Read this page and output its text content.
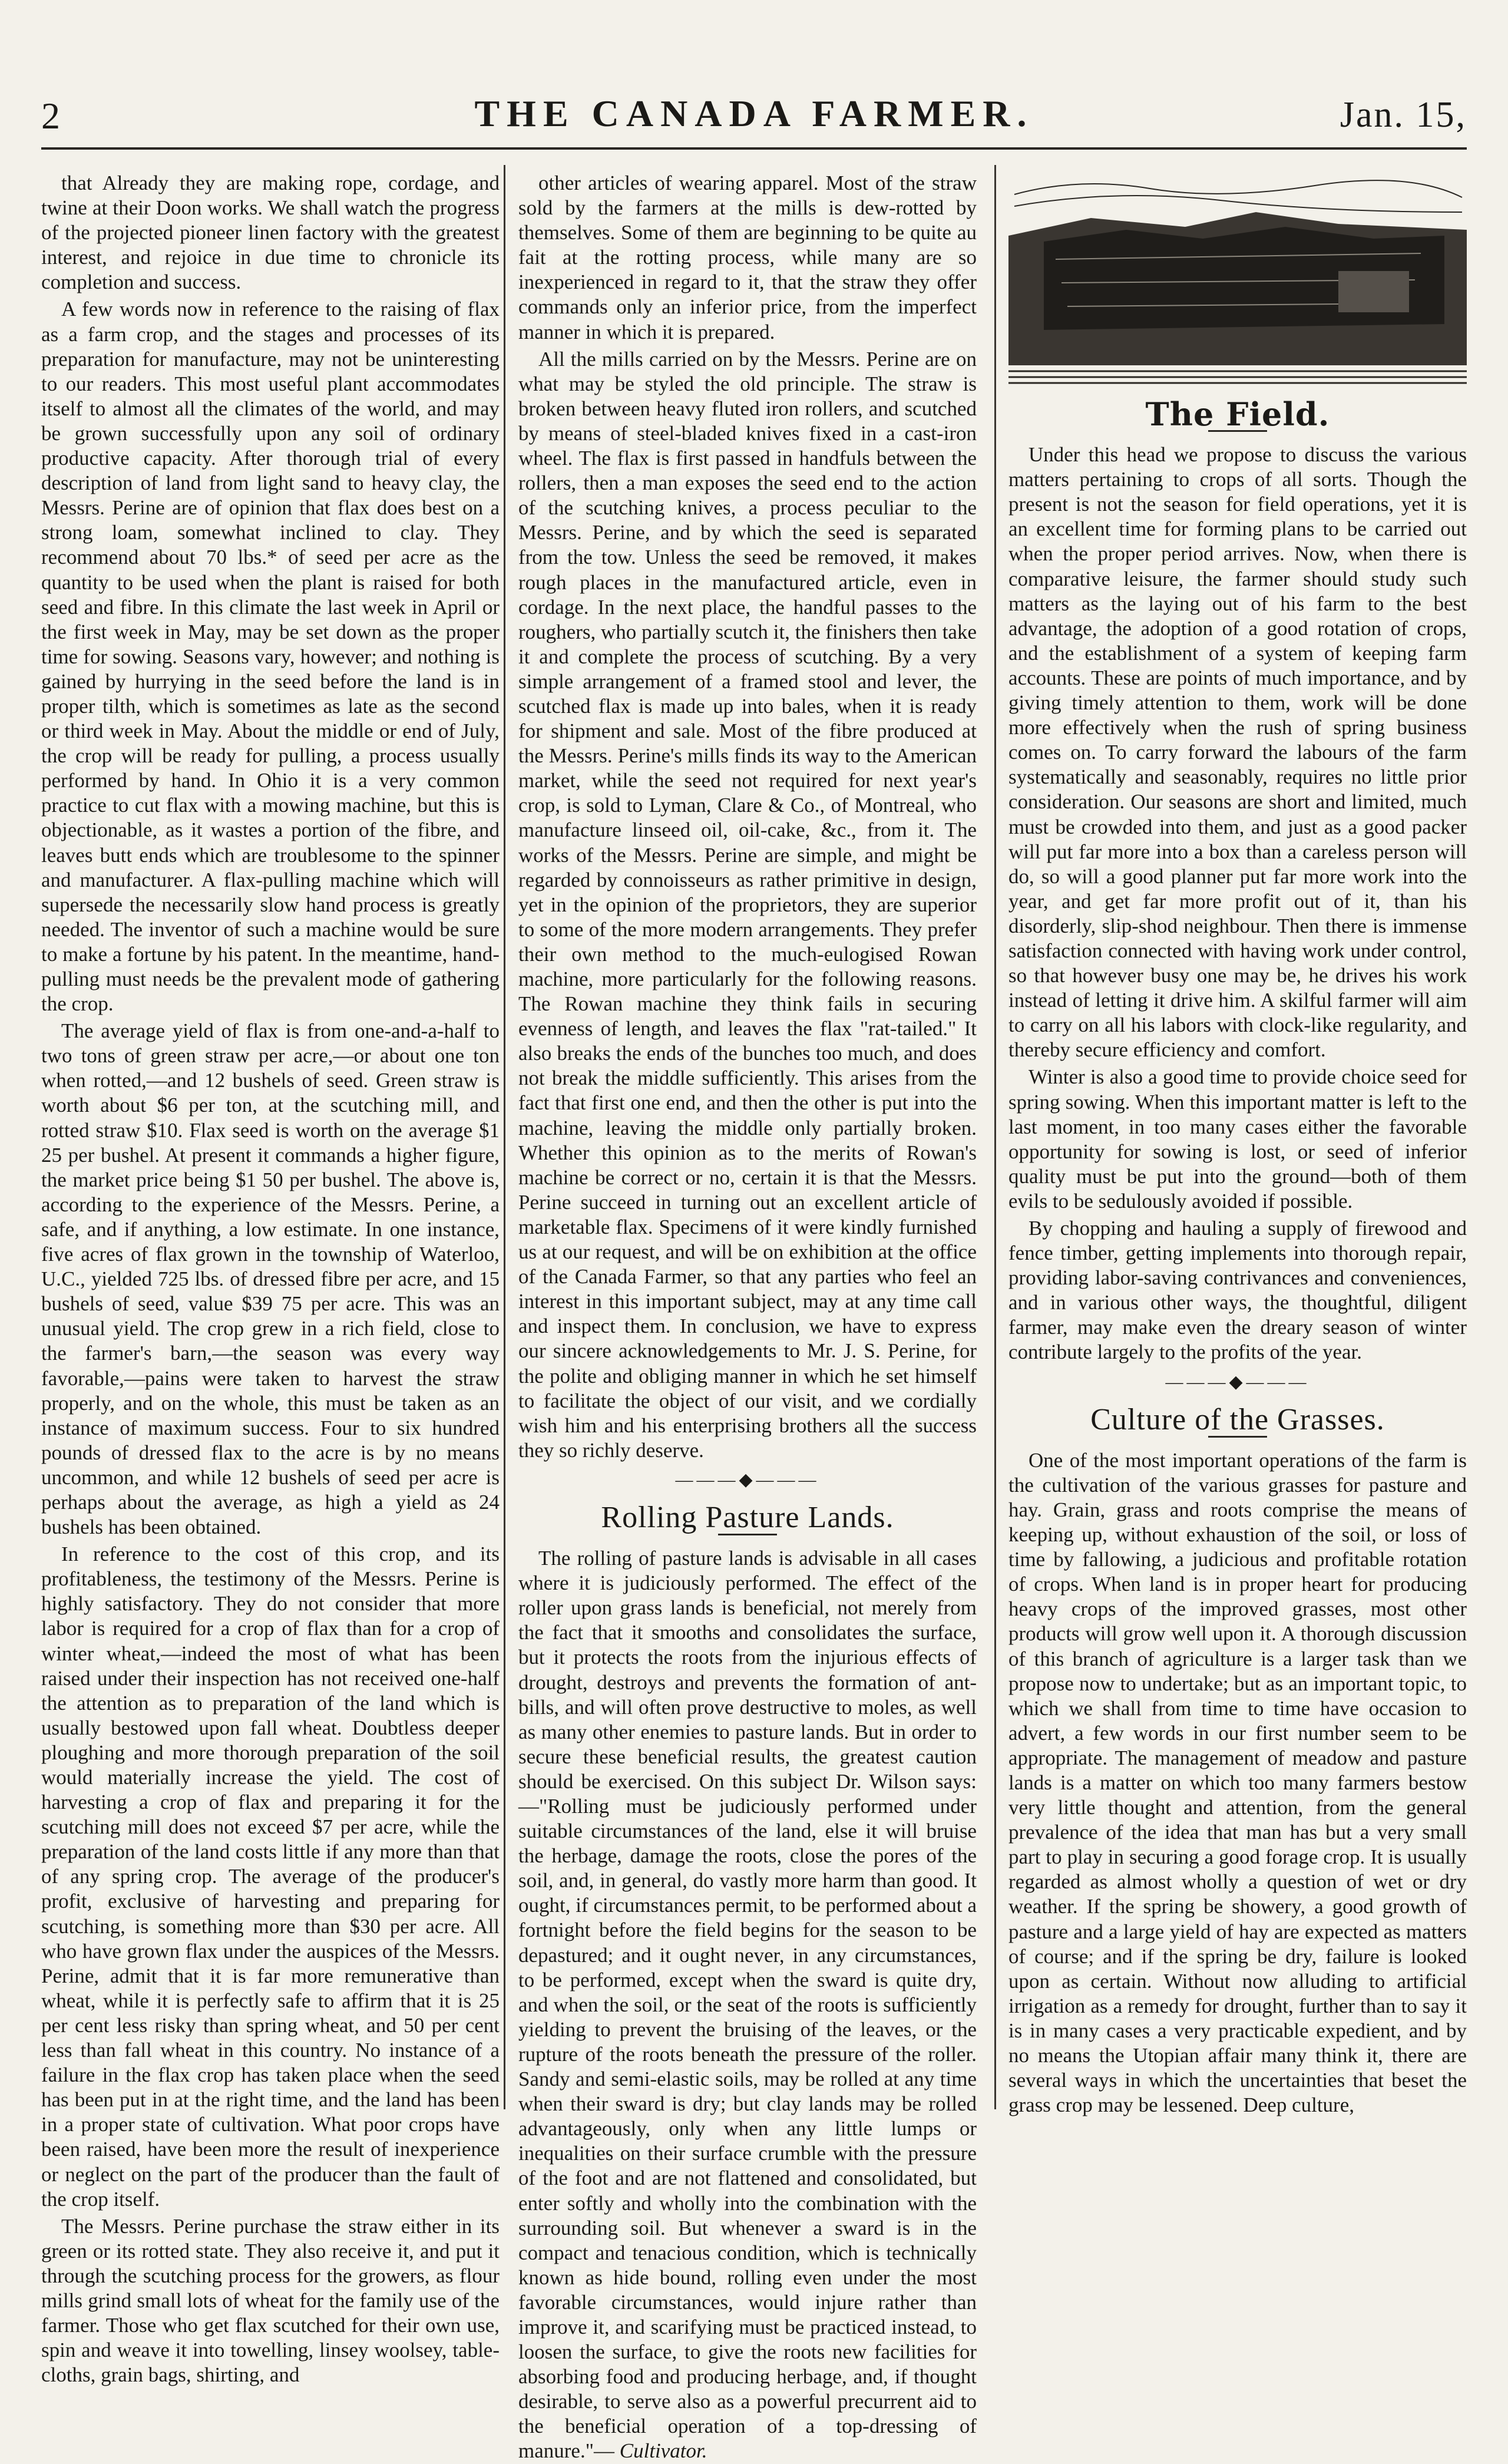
2	THE CANADA FARMER.	Jan. 15,

that Already they are making rope, cordage, and twine at their Doon works. We shall watch the progress of the projected pioneer linen factory with the greatest interest, and rejoice in due time to chronicle its completion and success.

A few words now in reference to the raising of flax as a farm crop, and the stages and processes of its preparation for manufacture, may not be uninteresting to our readers. This most useful plant accommodates itself to almost all the climates of the world, and may be grown successfully upon any soil of ordinary productive capacity. After thorough trial of every description of land from light sand to heavy clay, the Messrs. Perine are of opinion that flax does best on a strong loam, somewhat inclined to clay. They recommend about 70 lbs.* of seed per acre as the quantity to be used when the plant is raised for both seed and fibre. In this climate the last week in April or the first week in May, may be set down as the proper time for sowing. Seasons vary, however; and nothing is gained by hurrying in the seed before the land is in proper tilth, which is sometimes as late as the second or third week in May. About the middle or end of July, the crop will be ready for pulling, a process usually performed by hand. In Ohio it is a very common practice to cut flax with a mowing machine, but this is objectionable, as it wastes a portion of the fibre, and leaves butt ends which are troublesome to the spinner and manufacturer. A flax-pulling machine which will supersede the necessarily slow hand process is greatly needed. The inventor of such a machine would be sure to make a fortune by his patent. In the meantime, hand-pulling must needs be the prevalent mode of gathering the crop.

The average yield of flax is from one-and-a-half to two tons of green straw per acre,—or about one ton when rotted,—and 12 bushels of seed. Green straw is worth about $6 per ton, at the scutching mill, and rotted straw $10. Flax seed is worth on the average $1 25 per bushel. At present it commands a higher figure, the market price being $1 50 per bushel. The above is, according to the experience of the Messrs. Perine, a safe, and if anything, a low estimate. In one instance, five acres of flax grown in the township of Waterloo, U.C., yielded 725 lbs. of dressed fibre per acre, and 15 bushels of seed, value $39 75 per acre. This was an unusual yield. The crop grew in a rich field, close to the farmer's barn,—the season was every way favorable,—pains were taken to harvest the straw properly, and on the whole, this must be taken as an instance of maximum success. Four to six hundred pounds of dressed flax to the acre is by no means uncommon, and while 12 bushels of seed per acre is perhaps about the average, as high a yield as 24 bushels has been obtained.

In reference to the cost of this crop, and its profitableness, the testimony of the Messrs. Perine is highly satisfactory. They do not consider that more labor is required for a crop of flax than for a crop of winter wheat,—indeed the most of what has been raised under their inspection has not received one-half the attention as to preparation of the land which is usually bestowed upon fall wheat. Doubtless deeper ploughing and more thorough preparation of the soil would materially increase the yield. The cost of harvesting a crop of flax and preparing it for the scutching mill does not exceed $7 per acre, while the preparation of the land costs little if any more than that of any spring crop. The average of the producer's profit, exclusive of harvesting and preparing for scutching, is something more than $30 per acre. All who have grown flax under the auspices of the Messrs. Perine, admit that it is far more remunerative than wheat, while it is perfectly safe to affirm that it is 25 per cent less risky than spring wheat, and 50 per cent less than fall wheat in this country. No instance of a failure in the flax crop has taken place when the seed has been put in at the right time, and the land has been in a proper state of cultivation. What poor crops have been raised, have been more the result of inexperience or neglect on the part of the producer than the fault of the crop itself.

The Messrs. Perine purchase the straw either in its green or its rotted state. They also receive it, and put it through the scutching process for the growers, as flour mills grind small lots of wheat for the family use of the farmer. Those who get flax scutched for their own use, spin and weave it into towelling, linsey woolsey, table-cloths, grain bags, shirting, and

other articles of wearing apparel. Most of the straw sold by the farmers at the mills is dew-rotted by themselves. Some of them are beginning to be quite au fait at the rotting process, while many are so inexperienced in regard to it, that the straw they offer commands only an inferior price, from the imperfect manner in which it is prepared.

All the mills carried on by the Messrs. Perine are on what may be styled the old principle. The straw is broken between heavy fluted iron rollers, and scutched by means of steel-bladed knives fixed in a cast-iron wheel. The flax is first passed in handfuls between the rollers, then a man exposes the seed end to the action of the scutching knives, a process peculiar to the Messrs. Perine, and by which the seed is separated from the tow. Unless the seed be removed, it makes rough places in the manufactured article, even in cordage. In the next place, the handful passes to the roughers, who partially scutch it, the finishers then take it and complete the process of scutching. By a very simple arrangement of a framed stool and lever, the scutched flax is made up into bales, when it is ready for shipment and sale. Most of the fibre produced at the Messrs. Perine's mills finds its way to the American market, while the seed not required for next year's crop, is sold to Lyman, Clare & Co., of Montreal, who manufacture linseed oil, oil-cake, &c., from it. The works of the Messrs. Perine are simple, and might be regarded by connoisseurs as rather primitive in design, yet in the opinion of the proprietors, they are superior to some of the more modern arrangements. They prefer their own method to the much-eulogised Rowan machine, more particularly for the following reasons. The Rowan machine they think fails in securing evenness of length, and leaves the flax "rat-tailed." It also breaks the ends of the bunches too much, and does not break the middle sufficiently. This arises from the fact that first one end, and then the other is put into the machine, leaving the middle only partially broken. Whether this opinion as to the merits of Rowan's machine be correct or no, certain it is that the Messrs. Perine succeed in turning out an excellent article of marketable flax. Specimens of it were kindly furnished us at our request, and will be on exhibition at the office of the Canada Farmer, so that any parties who feel an interest in this important subject, may at any time call and inspect them. In conclusion, we have to express our sincere acknowledgements to Mr. J. S. Perine, for the polite and obliging manner in which he set himself to facilitate the object of our visit, and we cordially wish him and his enterprising brothers all the success they so richly deserve.

———◆———
Rolling Pasture Lands.

The rolling of pasture lands is advisable in all cases where it is judiciously performed. The effect of the roller upon grass lands is beneficial, not merely from the fact that it smooths and consolidates the surface, but it protects the roots from the injurious effects of drought, destroys and prevents the formation of ant-bills, and will often prove destructive to moles, as well as many other enemies to pasture lands. But in order to secure these beneficial results, the greatest caution should be exercised. On this subject Dr. Wilson says:—"Rolling must be judiciously performed under suitable circumstances of the land, else it will bruise the herbage, damage the roots, close the pores of the soil, and, in general, do vastly more harm than good. It ought, if circumstances permit, to be performed about a fortnight before the field begins for the season to be depastured; and it ought never, in any circumstances, to be performed, except when the sward is quite dry, and when the soil, or the seat of the roots is sufficiently yielding to prevent the bruising of the leaves, or the rupture of the roots beneath the pressure of the roller. Sandy and semi-elastic soils, may be rolled at any time when their sward is dry; but clay lands may be rolled advantageously, only when any little lumps or inequalities on their surface crumble with the pressure of the foot and are not flattened and consolidated, but enter softly and wholly into the combination with the surrounding soil. But whenever a sward is in the compact and tenacious condition, which is technically known as hide bound, rolling even under the most favorable circumstances, would injure rather than improve it, and scarifying must be practiced instead, to loosen the surface, to give the roots new facilities for absorbing food and producing herbage, and, if thought desirable, to serve also as a powerful precurrent aid to the beneficial operation of a top-dressing of manure."— Cultivator.

The Field.

Under this head we propose to discuss the various matters pertaining to crops of all sorts. Though the present is not the season for field operations, yet it is an excellent time for forming plans to be carried out when the proper period arrives. Now, when there is comparative leisure, the farmer should study such matters as the laying out of his farm to the best advantage, the adoption of a good rotation of crops, and the establishment of a system of keeping farm accounts. These are points of much importance, and by giving timely attention to them, work will be done more effectively when the rush of spring business comes on. To carry forward the labours of the farm systematically and seasonably, requires no little prior consideration. Our seasons are short and limited, much must be crowded into them, and just as a good packer will put far more into a box than a careless person will do, so will a good planner put far more work into the year, and get far more profit out of it, than his disorderly, slip-shod neighbour. Then there is immense satisfaction connected with having work under control, so that however busy one may be, he drives his work instead of letting it drive him. A skilful farmer will aim to carry on all his labors with clock-like regularity, and thereby secure efficiency and comfort.

Winter is also a good time to provide choice seed for spring sowing. When this important matter is left to the last moment, in too many cases either the favorable opportunity for sowing is lost, or seed of inferior quality must be put into the ground—both of them evils to be sedulously avoided if possible.

By chopping and hauling a supply of firewood and fence timber, getting implements into thorough repair, providing labor-saving contrivances and conveniences, and in various other ways, the thoughtful, diligent farmer, may make even the dreary season of winter contribute largely to the profits of the year.

———◆———
Culture of the Grasses.

One of the most important operations of the farm is the cultivation of the various grasses for pasture and hay. Grain, grass and roots comprise the means of keeping up, without exhaustion of the soil, or loss of time by fallowing, a judicious and profitable rotation of crops. When land is in proper heart for producing heavy crops of the improved grasses, most other products will grow well upon it. A thorough discussion of this branch of agriculture is a larger task than we propose now to undertake; but as an important topic, to which we shall from time to time have occasion to advert, a few words in our first number seem to be appropriate. The management of meadow and pasture lands is a matter on which too many farmers bestow very little thought and attention, from the general prevalence of the idea that man has but a very small part to play in securing a good forage crop. It is usually regarded as almost wholly a question of wet or dry weather. If the spring be showery, a good growth of pasture and a large yield of hay are expected as matters of course; and if the spring be dry, failure is looked upon as certain. Without now alluding to artificial irrigation as a remedy for drought, further than to say it is in many cases a very practicable expedient, and by no means the Utopian affair many think it, there are several ways in which the uncertainties that beset the grass crop may be lessened. Deep culture,
